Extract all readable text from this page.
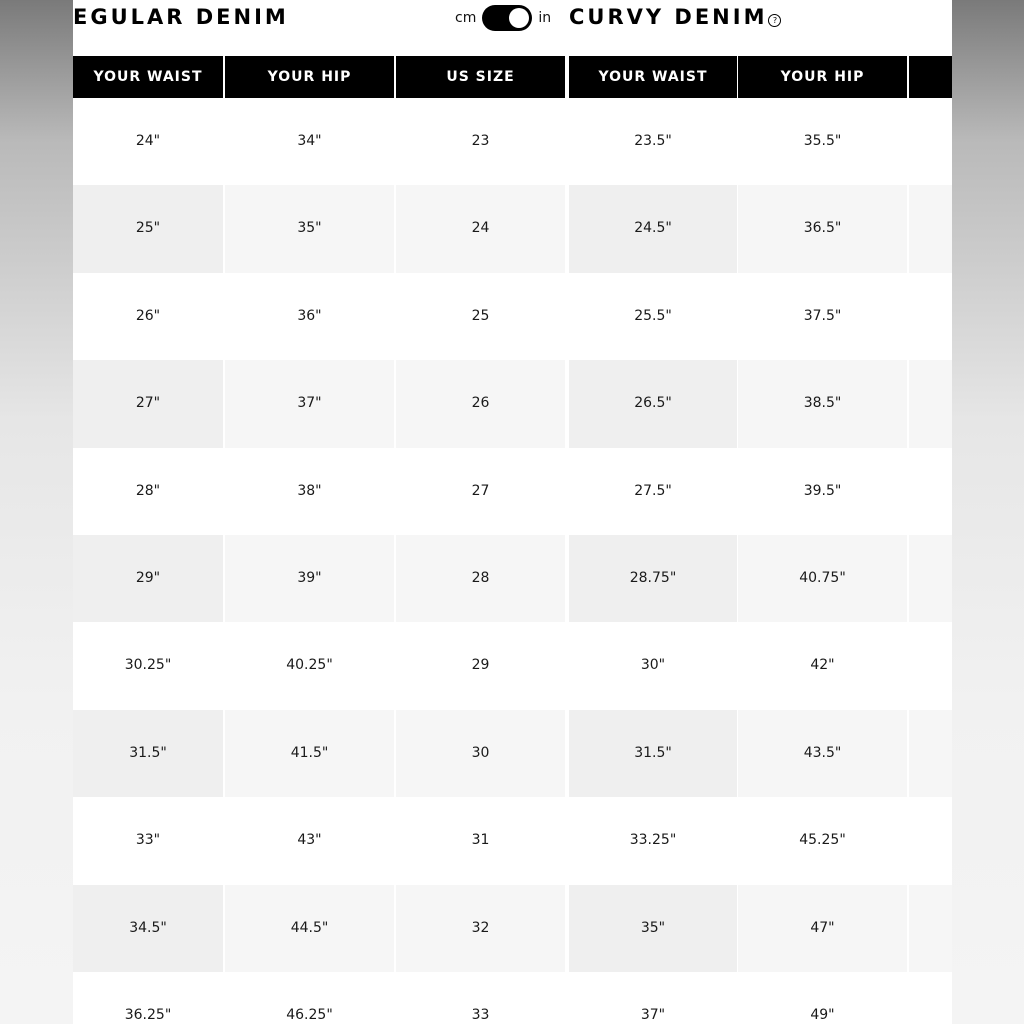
EGULAR DENIM	cm	in CURVY DENIM ?
YOUR WAIST	YOUR HIP	US SIZE	YOUR WAIST	YOUR HIP
24"	34"	23	23.5"	35.5"
25"	35"	24	24.5"	36.5"
26"	36"	25	25.5"	37.5"
27"	37"	26	26.5"	38.5"
28"	38"	27	27.5"	39.5"
29"	39"	28	28.75"	40.75"
30.25"	40.25"	29	30"	42"
31.5"	41.5"	30	31.5"	43.5"
33"	43"	31	33.25"	45.25"
34.5"	44.5"	32	35"	47"
36.25"	46.25"	33	37"	49"
